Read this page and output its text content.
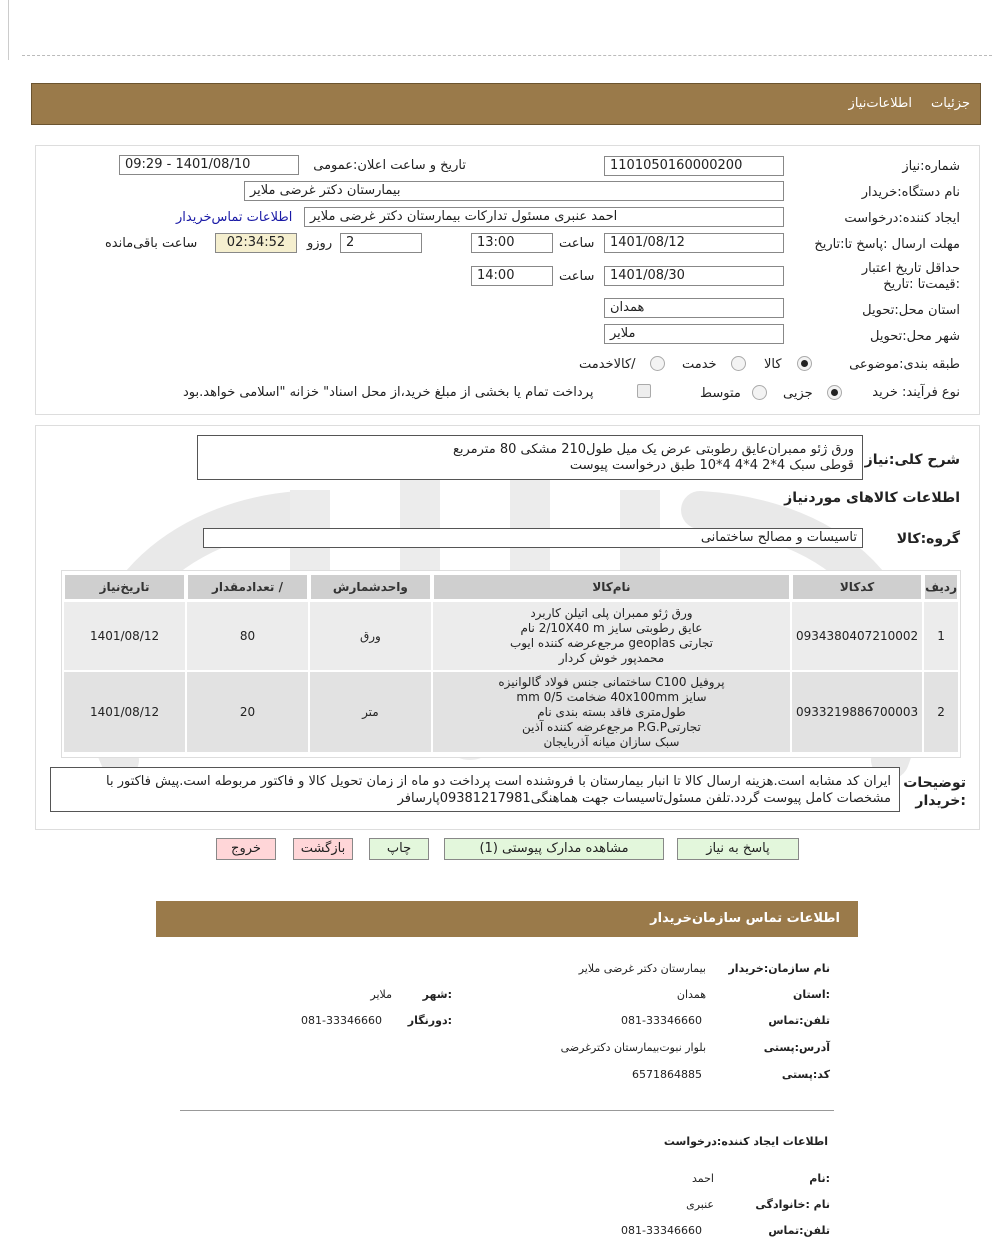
جزئیات
اطلاعات‌نیاز
شماره:نیاز
1101050160000200
تاریخ و ساعت اعلان:عمومی
1401/08/10 - 09:29
نام دستگاه:خریدار
بیمارستان دکتر غرضی ملایر
ایجاد کننده:درخواست
احمد عنبری مسئول تدارکات بیمارستان دکتر غرضی ملایر
اطلاعات تماس‌خریدار
مهلت ارسال :پاسخ تا:تاریخ
1401/08/12
ساعت
13:00
2
روزو
02:34:52
ساعت باقی‌مانده
حداقل تاریخ اعتبار :قیمت‌تا :تاریخ
1401/08/30
ساعت
14:00
استان محل:تحویل
همدان
شهر محل:تحویل
ملایر
طبقه بندی:موضوعی
کالا
خدمت
/کالاخدمت
نوع فرآیند: خرید
جزیی
متوسط
پرداخت تمام یا بخشی از مبلغ خرید،از محل اسناد" خزانه "اسلامی خواهد.بود
شرح کلی:نیاز
ورق ژئو ممبران‌عایق رطوبتی عرض یک میل طول210 مشکی 80 مترمربع
قوطی سبک 4*2 4*4 4*10 طبق درخواست پیوست
اطلاعات کالاهای موردنیاز
گروه:کالا
تاسیسات و مصالح ساختمانی
ردیف	کدکالا	نام‌کالا	واحدشمارش	/ تعدادمقدار	تاریخ‌نیاز
1	0934380407210002	ورق ژئو ممبران پلی اتیلن کاربرد
عایق رطوبتی سایز 2/10X40 m نام
تجارتی geoplas مرجع‌عرضه کننده ایوب
محمدپور خوش کردار	ورق	80	1401/08/12
2	0933219886700003	پروفیل C100 ساختمانی جنس فولاد گالوانیزه
سایز 40x100mm ضخامت 0/5 mm
طول‌متری فاقد بسته بندی نام
تجارتیP.G.P مرجع‌عرضه کننده آذین
سبک سازان میانه آذربایجان	متر	20	1401/08/12
توضیحات
:خریدار
ایران کد مشابه است.هزینه ارسال کالا تا انبار بیمارستان با فروشنده است پرداخت دو ماه از زمان تحویل کالا و فاکتور مربوطه است.پیش فاکتور با
مشخصات کامل پیوست گردد.تلفن مسئول‌تاسیسات جهت هماهنگی09381217981پارسافر
پاسخ به نیاز
مشاهده مدارک پیوستی (1)
چاپ
بازگشت
خروج
اطلاعات تماس سازمان‌خریدار
نام سازمان:خریدار
بیمارستان دکتر غرضی ملایر
:استان
همدان
:شهر
ملایر
تلفن:تماس
081-33346660
:دورنگار
081-33346660
آدرس:پستی
بلوار نبوت‌بیمارستان دکترغرضی
کد:پستی
6571864885
اطلاعات ایجاد کننده:درخواست
:نام
احمد
نام :خانوادگی
عنبری
تلفن:تماس
081-33346660
